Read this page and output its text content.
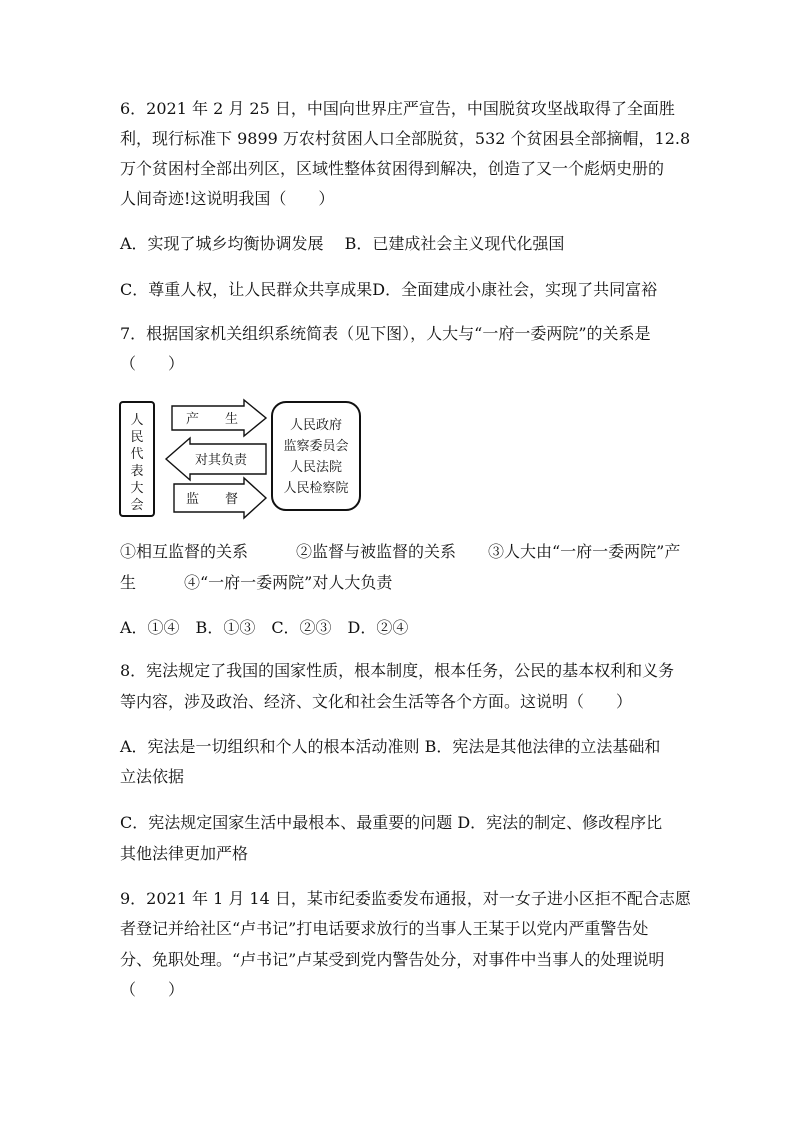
6．2021 年 2 月 25 日，中国向世界庄严宣告，中国脱贫攻坚战取得了全面胜
利，现行标准下 9899 万农村贫困人口全部脱贫，532 个贫困县全部摘帽，12.8
万个贫困村全部出列区，区域性整体贫困得到解决，创造了又一个彪炳史册的
人间奇迹!这说明我国（　　）
A．实现了城乡均衡协调发展　 B．已建成社会主义现代化强国
C．尊重人权，让人民群众共享成果D．全面建成小康社会，实现了共同富裕
7．根据国家机关组织系统简表（见下图），人大与“一府一委两院”的关系是
（　　）
人
民
代
表
大
会
产　　生
对其负责
监　　督
人民政府
监察委员会
人民法院
人民检察院
①相互监督的关系　　　②监督与被监督的关系　　③人大由“一府一委两院”产
生　　　④“一府一委两院”对人大负责
A．①④　B．①③　C．②③　D．②④
8．宪法规定了我国的国家性质，根本制度，根本任务，公民的基本权利和义务
等内容，涉及政治、经济、文化和社会生活等各个方面。这说明（　　）
A．宪法是一切组织和个人的根本活动准则 B．宪法是其他法律的立法基础和
立法依据
C．宪法规定国家生活中最根本、最重要的问题 D．宪法的制定、修改程序比
其他法律更加严格
9．2021 年 1 月 14 日，某市纪委监委发布通报，对一女子进小区拒不配合志愿
者登记并给社区“卢书记”打电话要求放行的当事人王某于以党内严重警告处
分、免职处理。“卢书记”卢某受到党内警告处分，对事件中当事人的处理说明
（　　）
